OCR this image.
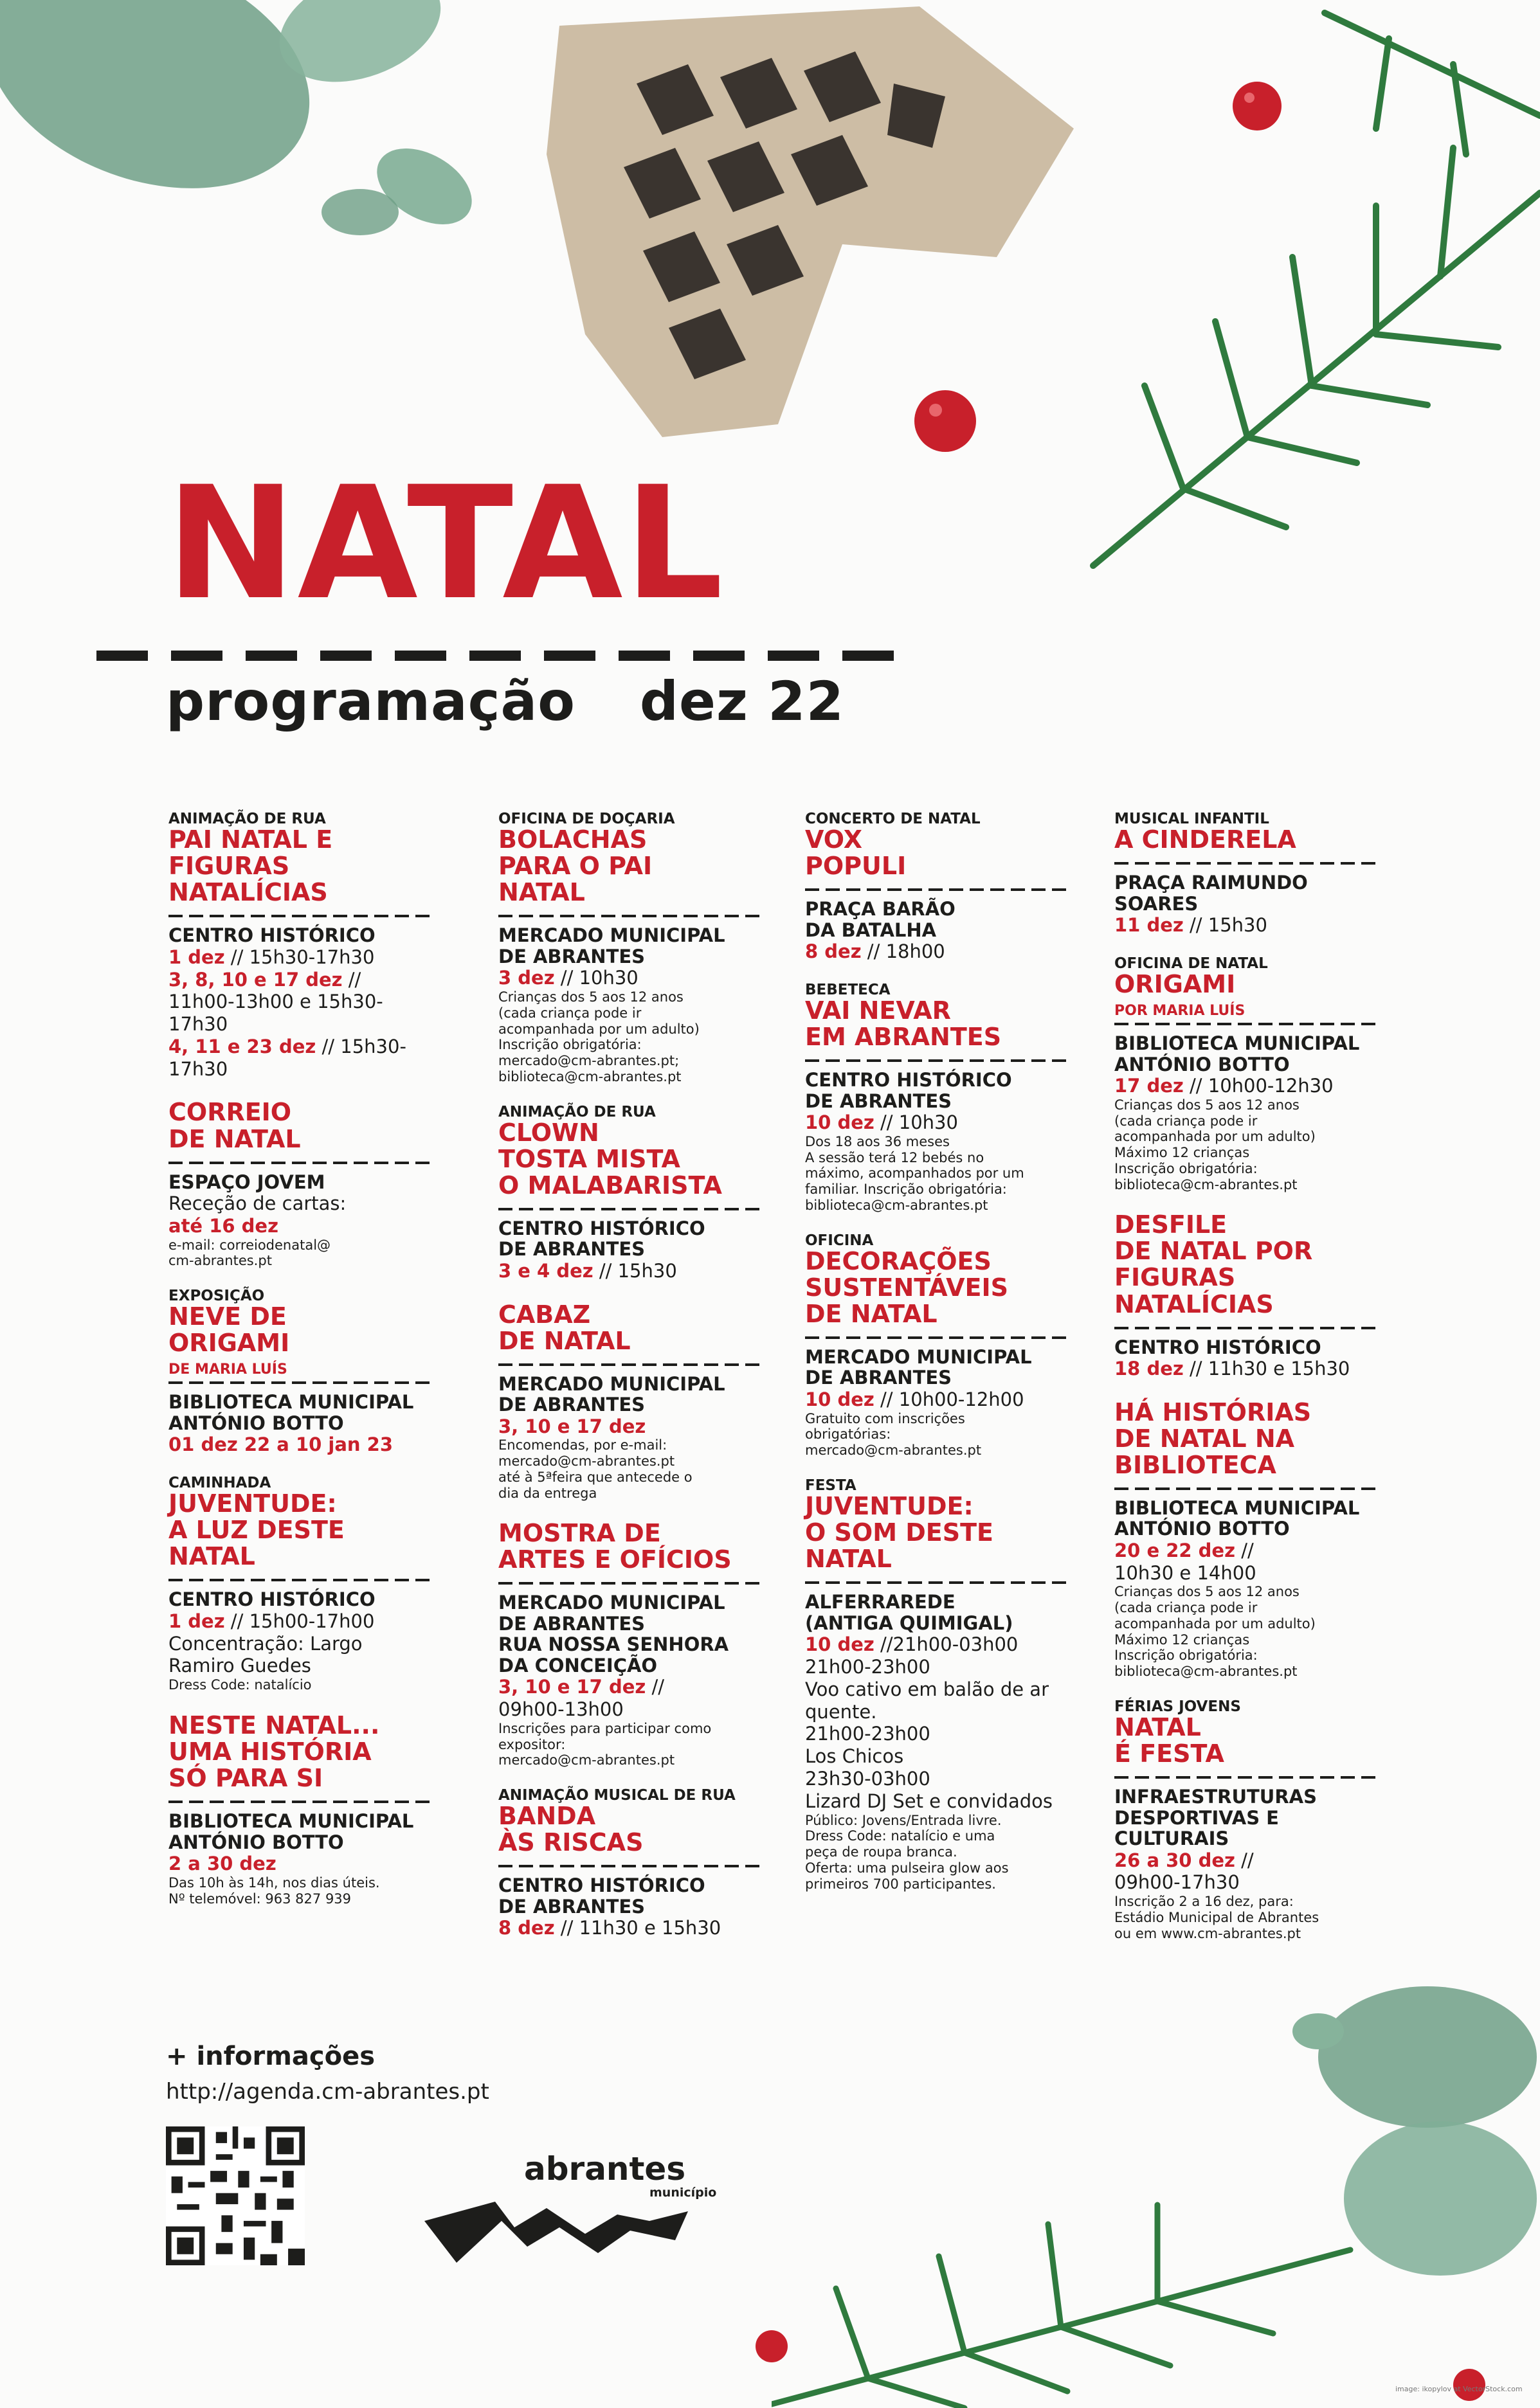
NATAL
programação dez 22
ANIMAÇÃO DE RUA
PAI NATAL E
FIGURAS
NATALÍCIAS
CENTRO HISTÓRICO
1 dez // 15h30-17h30
3, 8, 10 e 17 dez // 11h00-13h00 e 15h30-17h30
4, 11 e 23 dez // 15h30-17h30
CORREIO
DE NATAL
ESPAÇO JOVEM
Receção de cartas:
até 16 dez
e-mail: correiodenatal@
cm-abrantes.pt
EXPOSIÇÃO
NEVE DE
ORIGAMI
DE MARIA LUÍS
BIBLIOTECA MUNICIPAL
ANTÓNIO BOTTO
01 dez 22 a 10 jan 23
CAMINHADA
JUVENTUDE:
A LUZ DESTE
NATAL
CENTRO HISTÓRICO
1 dez // 15h00-17h00
Concentração: Largo Ramiro Guedes
Dress Code: natalício
NESTE NATAL...
UMA HISTÓRIA
SÓ PARA SI
BIBLIOTECA MUNICIPAL
ANTÓNIO BOTTO
2 a 30 dez
Das 10h às 14h, nos dias úteis.
Nº telemóvel: 963 827 939
OFICINA DE DOÇARIA
BOLACHAS
PARA O PAI
NATAL
MERCADO MUNICIPAL
DE ABRANTES
3 dez // 10h30
Crianças dos 5 aos 12 anos
(cada criança pode ir
acompanhada por um adulto)
Inscrição obrigatória:
mercado@cm-abrantes.pt;
biblioteca@cm-abrantes.pt
ANIMAÇÃO DE RUA
CLOWN
TOSTA MISTA
O MALABARISTA
CENTRO HISTÓRICO
DE ABRANTES
3 e 4 dez // 15h30
CABAZ
DE NATAL
MERCADO MUNICIPAL
DE ABRANTES
3, 10 e 17 dez
Encomendas, por e-mail:
mercado@cm-abrantes.pt
até à 5ªfeira que antecede o
dia da entrega
MOSTRA DE
ARTES E OFÍCIOS
MERCADO MUNICIPAL
DE ABRANTES
RUA NOSSA SENHORA
DA CONCEIÇÃO
3, 10 e 17 dez //
09h00-13h00
Inscrições para participar como
expositor:
mercado@cm-abrantes.pt
ANIMAÇÃO MUSICAL DE RUA
BANDA
ÀS RISCAS
CENTRO HISTÓRICO
DE ABRANTES
8 dez // 11h30 e 15h30
CONCERTO DE NATAL
VOX
POPULI
PRAÇA BARÃO
DA BATALHA
8 dez // 18h00
BEBETECA
VAI NEVAR
EM ABRANTES
CENTRO HISTÓRICO
DE ABRANTES
10 dez // 10h30
Dos 18 aos 36 meses
A sessão terá 12 bebés no
máximo, acompanhados por um
familiar. Inscrição obrigatória:
biblioteca@cm-abrantes.pt
OFICINA
DECORAÇÕES
SUSTENTÁVEIS
DE NATAL
MERCADO MUNICIPAL
DE ABRANTES
10 dez // 10h00-12h00
Gratuito com inscrições
obrigatórias:
mercado@cm-abrantes.pt
FESTA
JUVENTUDE:
O SOM DESTE
NATAL
ALFERRAREDE
(ANTIGA QUIMIGAL)
10 dez //21h00-03h00
21h00-23h00
Voo cativo em balão de ar quente.
21h00-23h00
Los Chicos
23h30-03h00
Lizard DJ Set e convidados
Público: Jovens/Entrada livre.
Dress Code: natalício e uma
peça de roupa branca.
Oferta: uma pulseira glow aos
primeiros 700 participantes.
MUSICAL INFANTIL
A CINDERELA
PRAÇA RAIMUNDO
SOARES
11 dez // 15h30
OFICINA DE NATAL
ORIGAMI
POR MARIA LUÍS
BIBLIOTECA MUNICIPAL
ANTÓNIO BOTTO
17 dez // 10h00-12h30
Crianças dos 5 aos 12 anos
(cada criança pode ir
acompanhada por um adulto)
Máximo 12 crianças
Inscrição obrigatória:
biblioteca@cm-abrantes.pt
DESFILE
DE NATAL POR
FIGURAS
NATALÍCIAS
CENTRO HISTÓRICO
18 dez // 11h30 e 15h30
HÁ HISTÓRIAS
DE NATAL NA
BIBLIOTECA
BIBLIOTECA MUNICIPAL
ANTÓNIO BOTTO
20 e 22 dez //
10h30 e 14h00
Crianças dos 5 aos 12 anos
(cada criança pode ir
acompanhada por um adulto)
Máximo 12 crianças
Inscrição obrigatória:
biblioteca@cm-abrantes.pt
FÉRIAS JOVENS
NATAL
É FESTA
INFRAESTRUTURAS
DESPORTIVAS E
CULTURAIS
26 a 30 dez //
09h00-17h30
Inscrição 2 a 16 dez, para:
Estádio Municipal de Abrantes
ou em www.cm-abrantes.pt
+ informações
http://agenda.cm-abrantes.pt
abrantes
município
image: ikopylov at VectorStock.com
